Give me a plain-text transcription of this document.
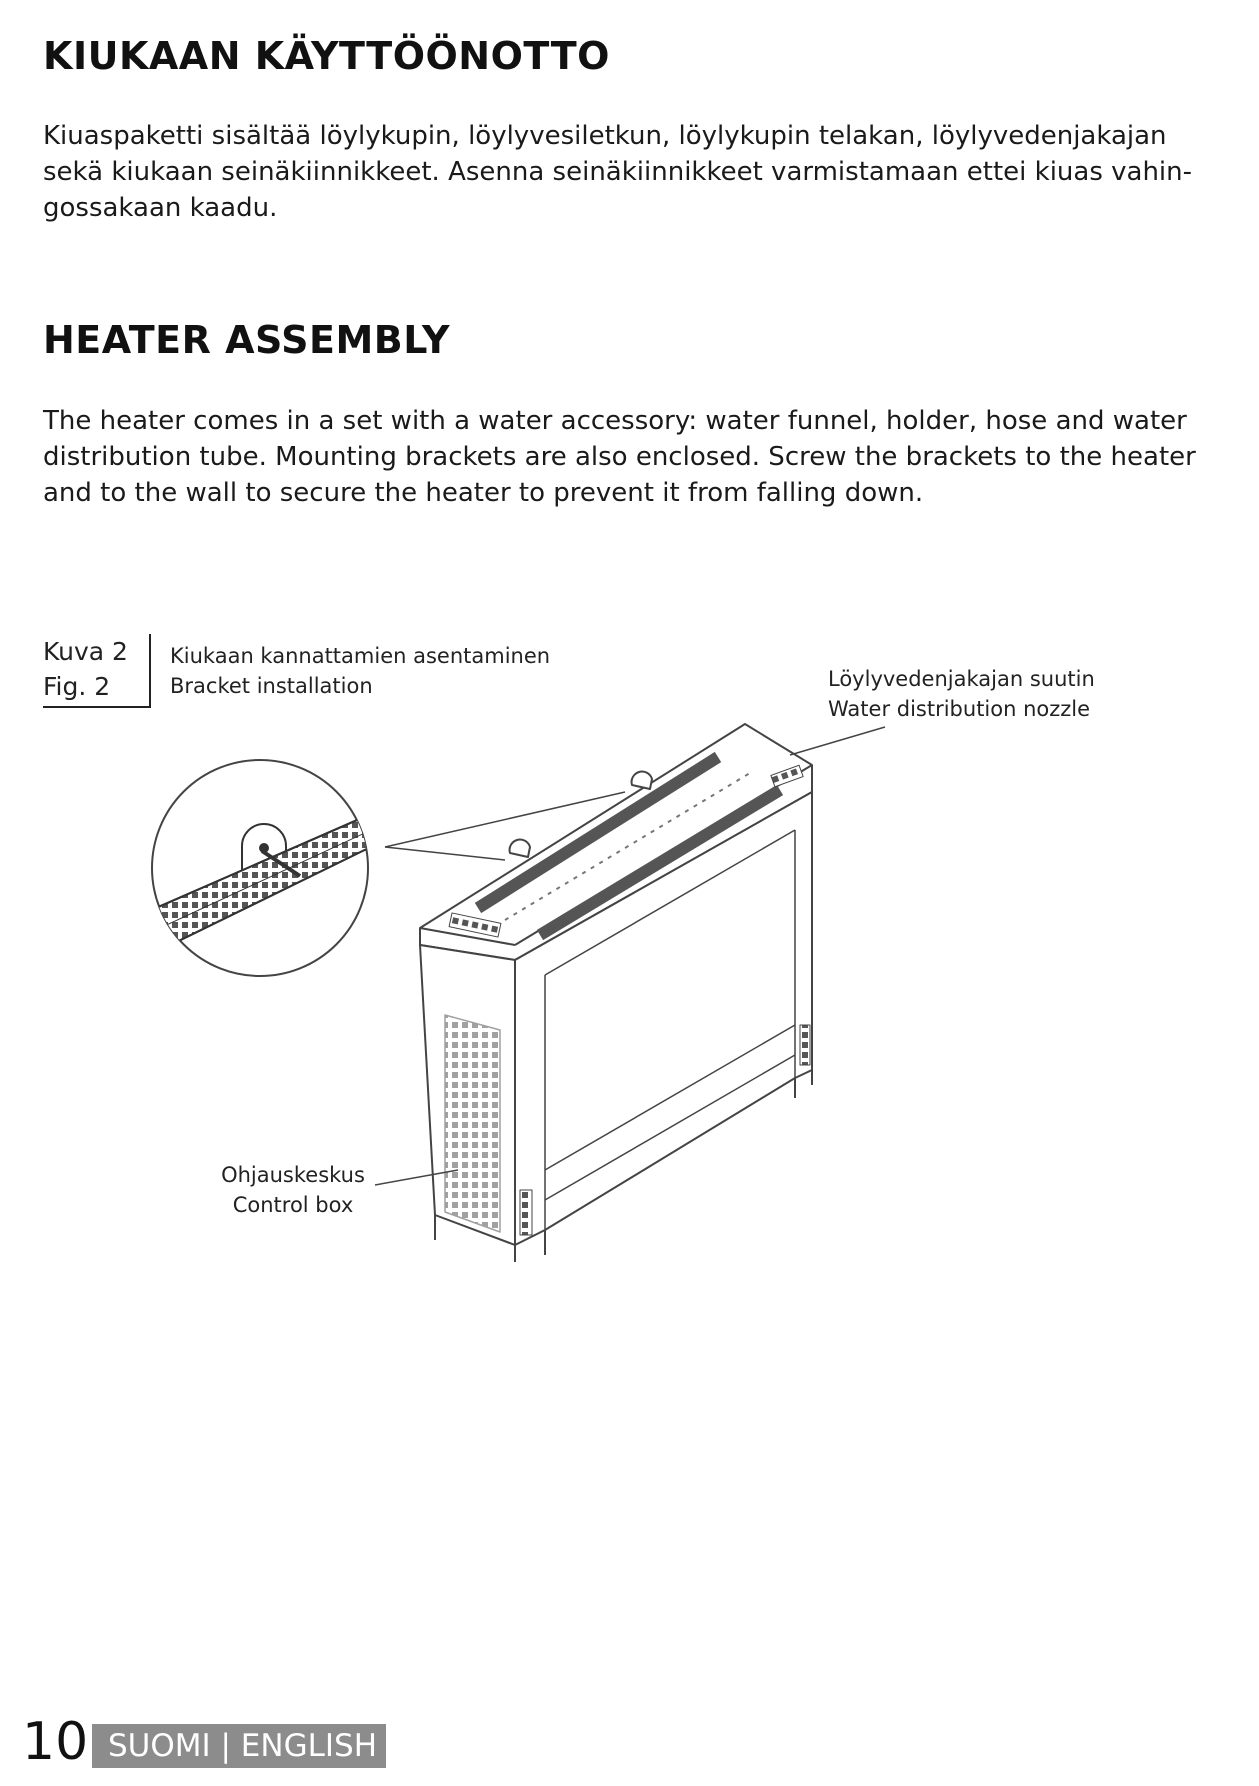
KIUKAAN KÄYTTÖÖNOTTO

Kiuaspaketti sisältää löylykupin, löylyvesiletkun, löylykupin telakan, löylyvedenjakajan
sekä kiukaan seinäkiinnikkeet. Asenna seinäkiinnikkeet varmistamaan ettei kiuas vahin-
gossakaan kaadu.

HEATER ASSEMBLY

The heater comes in a set with a water accessory: water funnel, holder, hose and water
distribution tube. Mounting brackets are also enclosed. Screw the brackets to the heater
and to the wall to secure the heater to prevent it from falling down.

Kuva 2
Fig. 2
Kiukaan kannattamien asentaminen
Bracket installation	Löylyvedenjakajan suutin
Water distribution nozzle
Ohjauskeskus
Control box
10 SUOMI | ENGLISH
